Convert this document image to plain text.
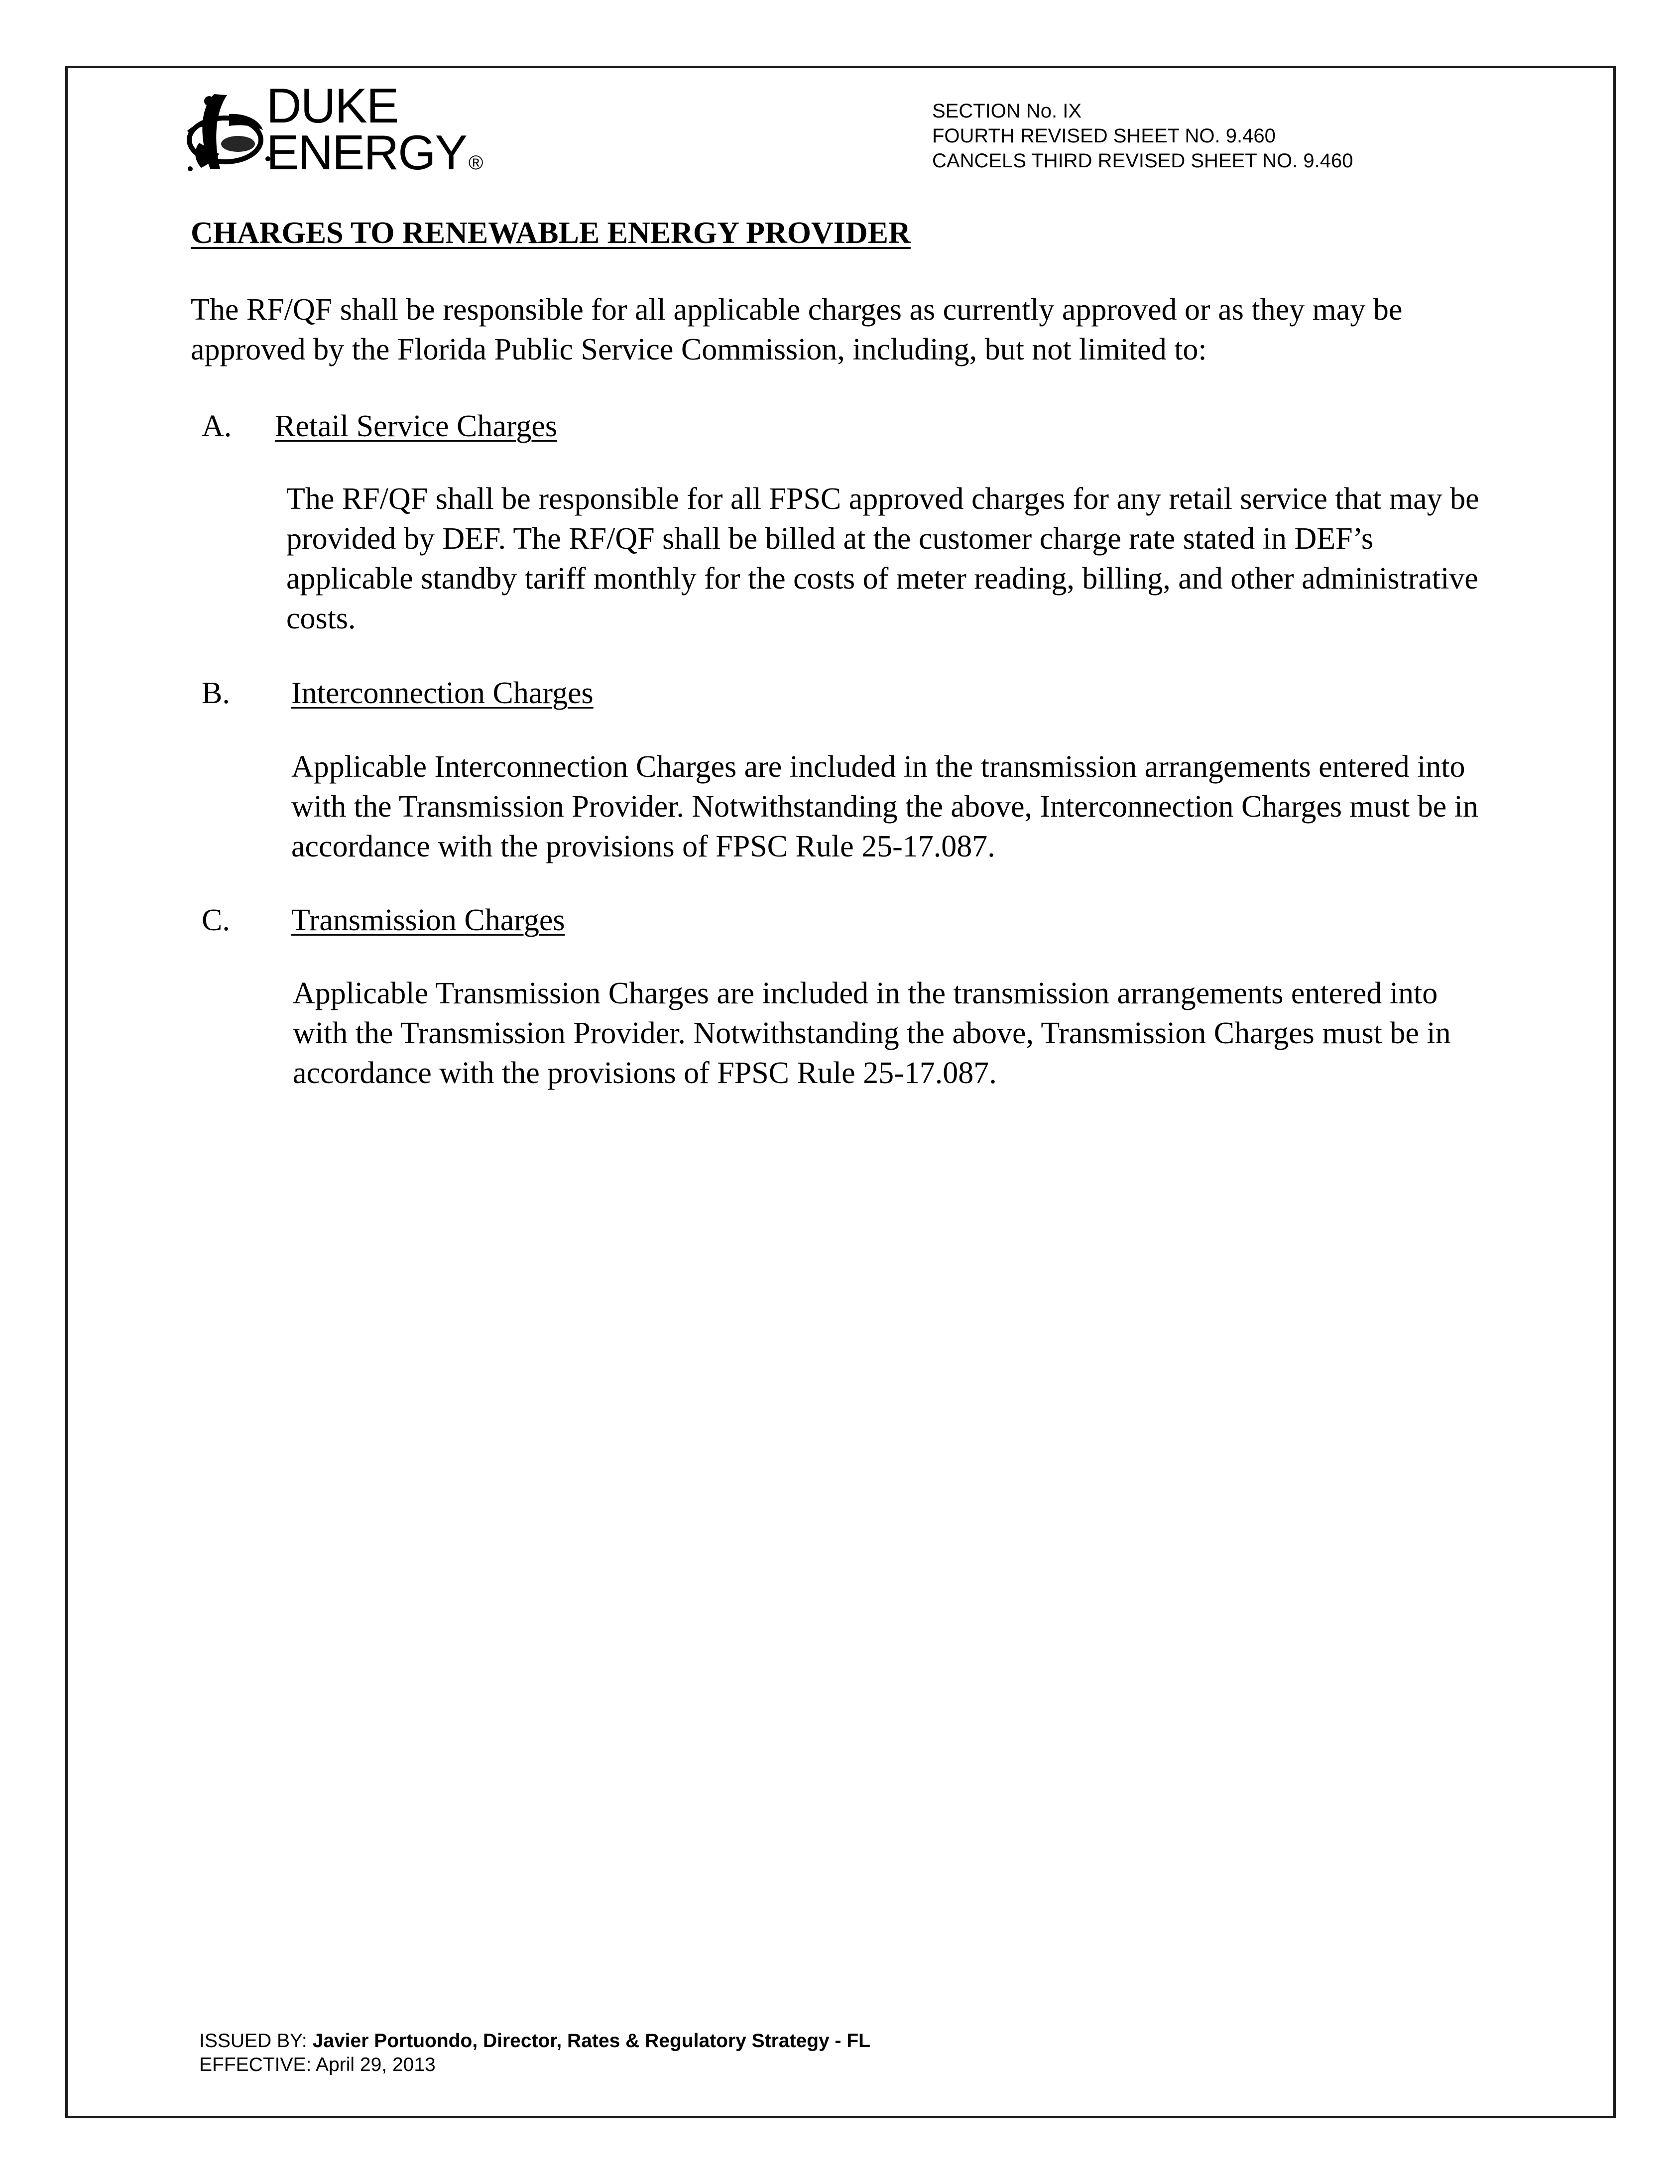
DUKE
ENERGY ®
SECTION No. IX
FOURTH REVISED SHEET NO. 9.460
CANCELS THIRD REVISED SHEET NO. 9.460
CHARGES TO RENEWABLE ENERGY PROVIDER

The RF/QF shall be responsible for all applicable charges as currently approved or as they may be approved by the Florida Public Service Commission, including, but not limited to:

A. Retail Service Charges

The RF/QF shall be responsible for all FPSC approved charges for any retail service that may be provided by DEF. The RF/QF shall be billed at the customer charge rate stated in DEF’s applicable standby tariff monthly for the costs of meter reading, billing, and other administrative costs.

B. Interconnection Charges

Applicable Interconnection Charges are included in the transmission arrangements entered into with the Transmission Provider. Notwithstanding the above, Interconnection Charges must be in accordance with the provisions of FPSC Rule 25-17.087.

C. Transmission Charges

Applicable Transmission Charges are included in the transmission arrangements entered into with the Transmission Provider. Notwithstanding the above, Transmission Charges must be in accordance with the provisions of FPSC Rule 25-17.087.

ISSUED BY: Javier Portuondo, Director, Rates & Regulatory Strategy - FL
EFFECTIVE: April 29, 2013
